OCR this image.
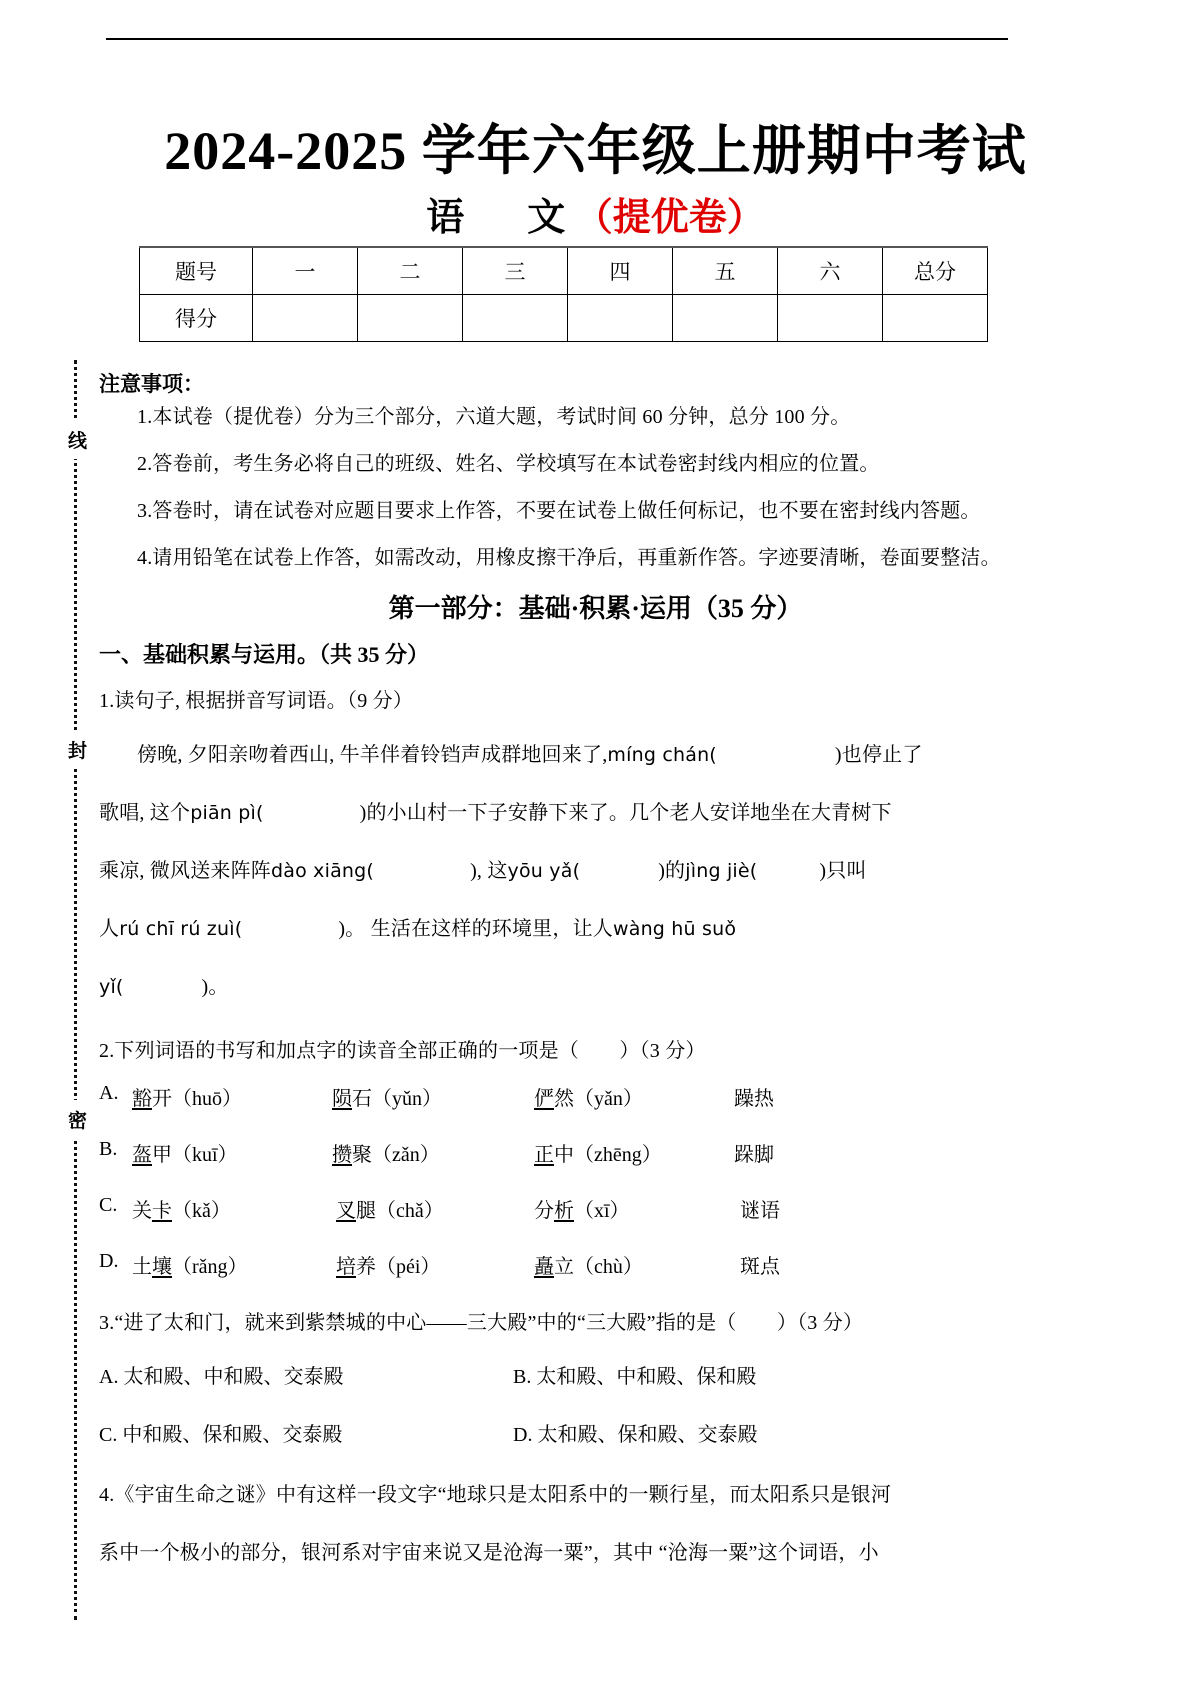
线
封
密
2024-2025 学年六年级上册期中考试
语 文 （提优卷）
题号	一	二	三	四	五	六	总分
得分							
注意事项：
1.本试卷（提优卷）分为三个部分，六道大题，考试时间 60 分钟，总分 100 分。
2.答卷前，考生务必将自己的班级、姓名、学校填写在本试卷密封线内相应的位置。
3.答卷时，请在试卷对应题目要求上作答，不要在试卷上做任何标记，也不要在密封线内答题。
4.请用铅笔在试卷上作答，如需改动，用橡皮擦干净后，再重新作答。字迹要清晰，卷面要整洁。
第一部分：基础·积累·运用（35 分）
一、基础积累与运用。（共 35 分）
1.读句子, 根据拼音写词语。（9 分）
傍晚, 夕阳亲吻着西山, 牛羊伴着铃铛声成群地回来了,míng chán(	)也停止了
歌唱, 这个piān pì(	)的小山村一下子安静下来了。几个老人安详地坐在大青树下
乘凉, 微风送来阵阵dào xiāng(	), 这yōu yǎ(	)的jìng jiè(	)只叫
人rú chī rú zuì(	)。 生活在这样的环境里，让人wàng hū suǒ
yǐ(	)。
2.下列词语的书写和加点字的读音全部正确的一项是（　　）（3 分）
A. 豁开（huō）	陨石（yǔn）	俨然（yǎn）	躁热
B. 盔甲（kuī）	攒聚（zǎn）	正中（zhēng）	跺脚
C. 关卡（kǎ）	叉腿（chǎ）	分析（xī）	谜语
D. 土壤（rǎng）	培养（péi）	矗立（chù）	斑点
3.“进了太和门，就来到紫禁城的中心——三大殿”中的“三大殿”指的是（　　）（3 分）
A. 太和殿、中和殿、交泰殿	B. 太和殿、中和殿、保和殿
C. 中和殿、保和殿、交泰殿	D. 太和殿、保和殿、交泰殿
4.《宇宙生命之谜》中有这样一段文字“地球只是太阳系中的一颗行星，而太阳系只是银河
系中一个极小的部分，银河系对宇宙来说又是沧海一粟”，其中 “沧海一粟”这个词语，小
